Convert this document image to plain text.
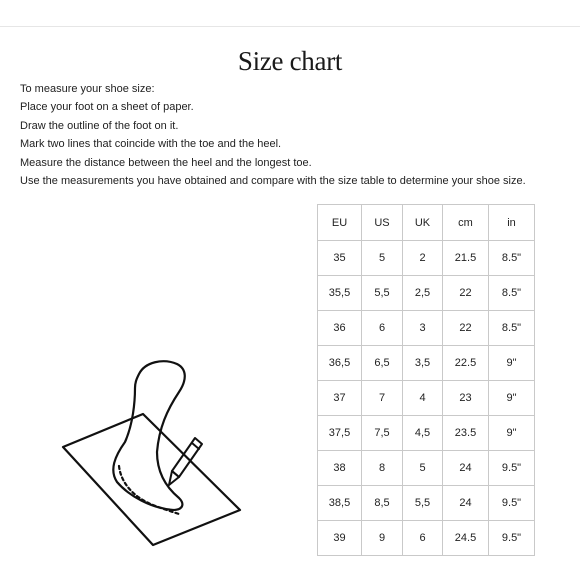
Size chart

To measure your shoe size:

Place your foot on a sheet of paper.

Draw the outline of the foot on it.

Mark two lines that coincide with the toe and the heel.

Measure the distance between the heel and the longest toe.

Use the measurements you have obtained and compare with the size table to determine your shoe size.

EU	US	UK	cm	in
35	5	2	21.5	8.5"
35,5	5,5	2,5	22	8.5"
36	6	3	22	8.5"
36,5	6,5	3,5	22.5	9"
37	7	4	23	9"
37,5	7,5	4,5	23.5	9"
38	8	5	24	9.5"
38,5	8,5	5,5	24	9.5"
39	9	6	24.5	9.5"
